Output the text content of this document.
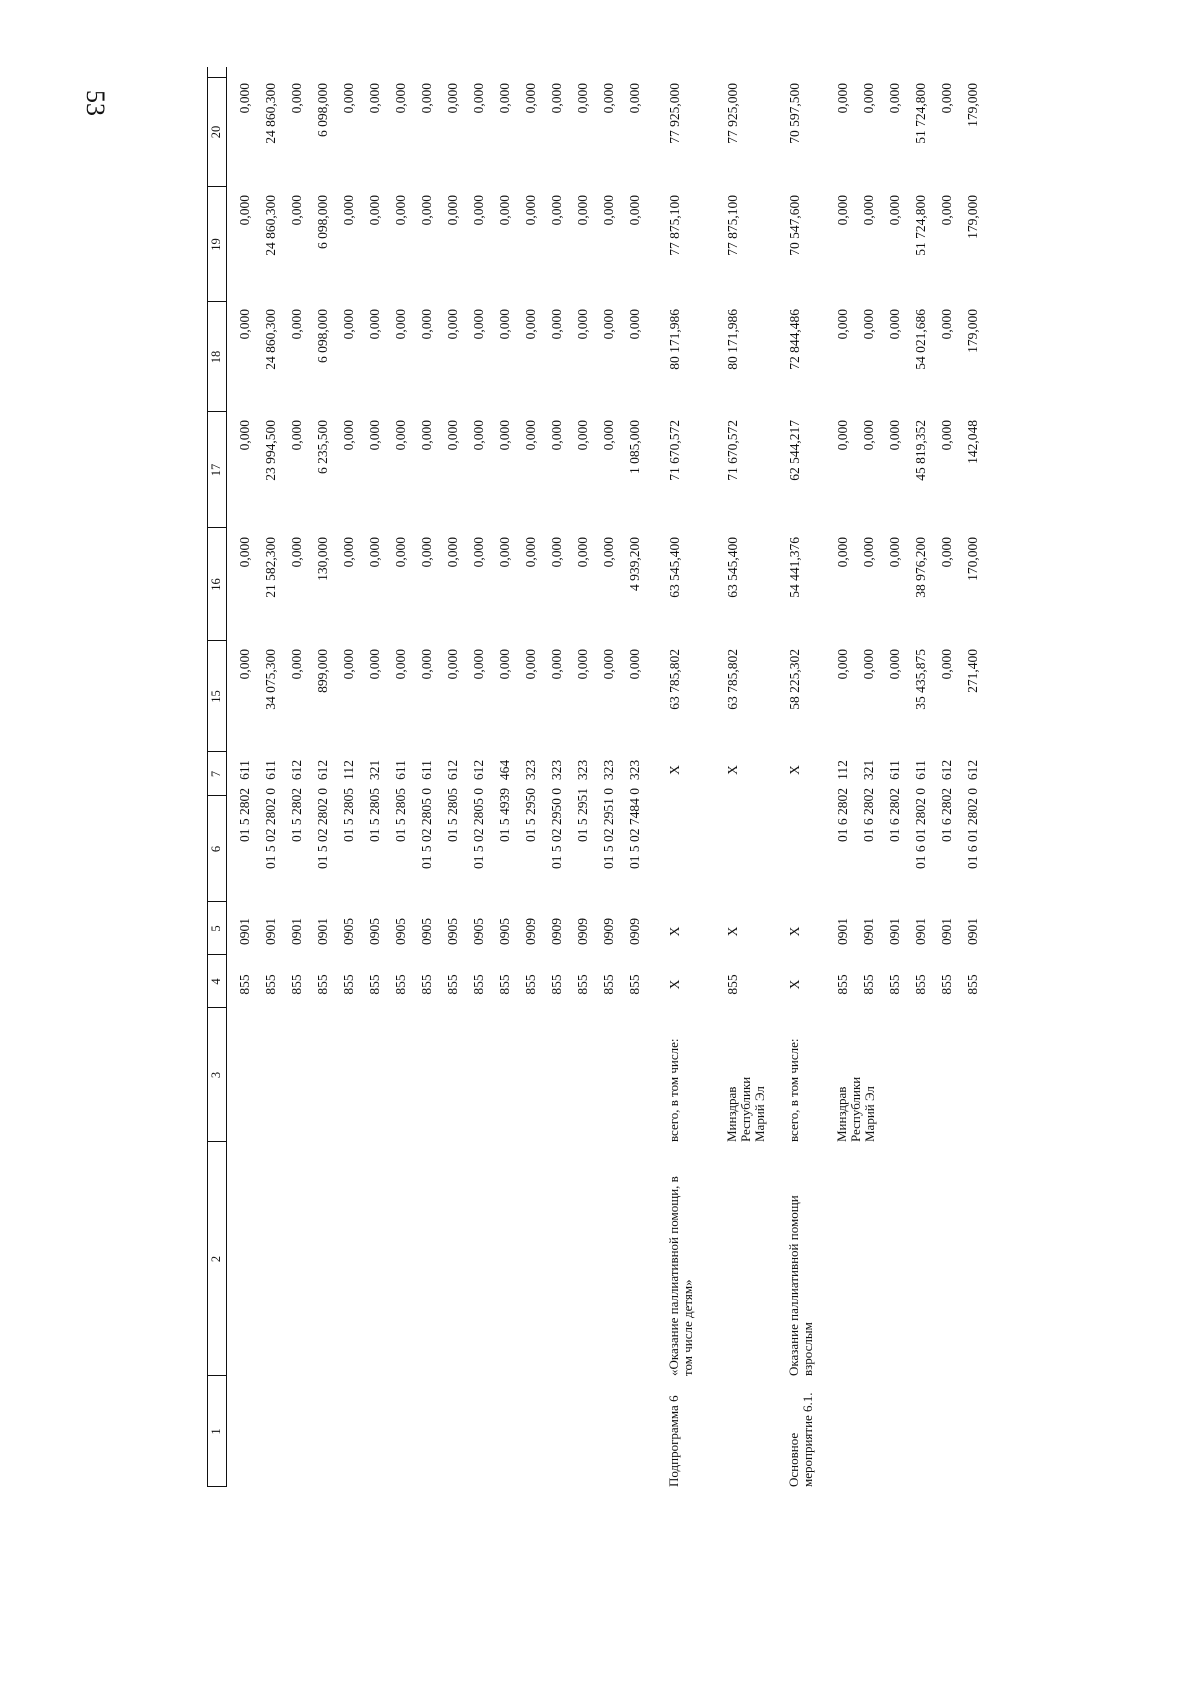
53
1
2
3
4
5
6
7
15
16
17
18
19
20
855
0901
01 5 2802
611
0,000
0,000
0,000
0,000
0,000
0,000
855
0901
01 5 02 2802 0
611
34 075,300
21 582,300
23 994,500
24 860,300
24 860,300
24 860,300
855
0901
01 5 2802
612
0,000
0,000
0,000
0,000
0,000
0,000
855
0901
01 5 02 2802 0
612
899,000
130,000
6 235,500
6 098,000
6 098,000
6 098,000
855
0905
01 5 2805
112
0,000
0,000
0,000
0,000
0,000
0,000
855
0905
01 5 2805
321
0,000
0,000
0,000
0,000
0,000
0,000
855
0905
01 5 2805
611
0,000
0,000
0,000
0,000
0,000
0,000
855
0905
01 5 02 2805 0
611
0,000
0,000
0,000
0,000
0,000
0,000
855
0905
01 5 2805
612
0,000
0,000
0,000
0,000
0,000
0,000
855
0905
01 5 02 2805 0
612
0,000
0,000
0,000
0,000
0,000
0,000
855
0905
01 5 4939
464
0,000
0,000
0,000
0,000
0,000
0,000
855
0909
01 5 2950
323
0,000
0,000
0,000
0,000
0,000
0,000
855
0909
01 5 02 2950 0
323
0,000
0,000
0,000
0,000
0,000
0,000
855
0909
01 5 2951
323
0,000
0,000
0,000
0,000
0,000
0,000
855
0909
01 5 02 2951 0
323
0,000
0,000
0,000
0,000
0,000
0,000
855
0909
01 5 02 7484 0
323
0,000
4 939,200
1 085,000
0,000
0,000
0,000
Х
Х
Х
63 785,802
63 545,400
71 670,572
80 171,986
77 875,100
77 925,000
Подпрограмма 6
«Оказание паллиативной помощи, в том числе детям»
всего, в том числе:
855
Х
Х
63 785,802
63 545,400
71 670,572
80 171,986
77 875,100
77 925,000
Минздрав Республики Марий Эл
Х
Х
Х
58 225,302
54 441,376
62 544,217
72 844,486
70 547,600
70 597,500
Основное мероприятие 6.1.
Оказание паллиативной помощи взрослым
всего, в том числе:
855
0901
01 6 2802
112
0,000
0,000
0,000
0,000
0,000
0,000
Минздрав Республики Марий Эл
855
0901
01 6 2802
321
0,000
0,000
0,000
0,000
0,000
0,000
855
0901
01 6 2802
611
0,000
0,000
0,000
0,000
0,000
0,000
855
0901
01 6 01 2802 0
611
35 435,875
38 976,200
45 819,352
54 021,686
51 724,800
51 724,800
855
0901
01 6 2802
612
0,000
0,000
0,000
0,000
0,000
0,000
855
0901
01 6 01 2802 0
612
271,400
170,000
142,048
179,000
179,000
179,000
